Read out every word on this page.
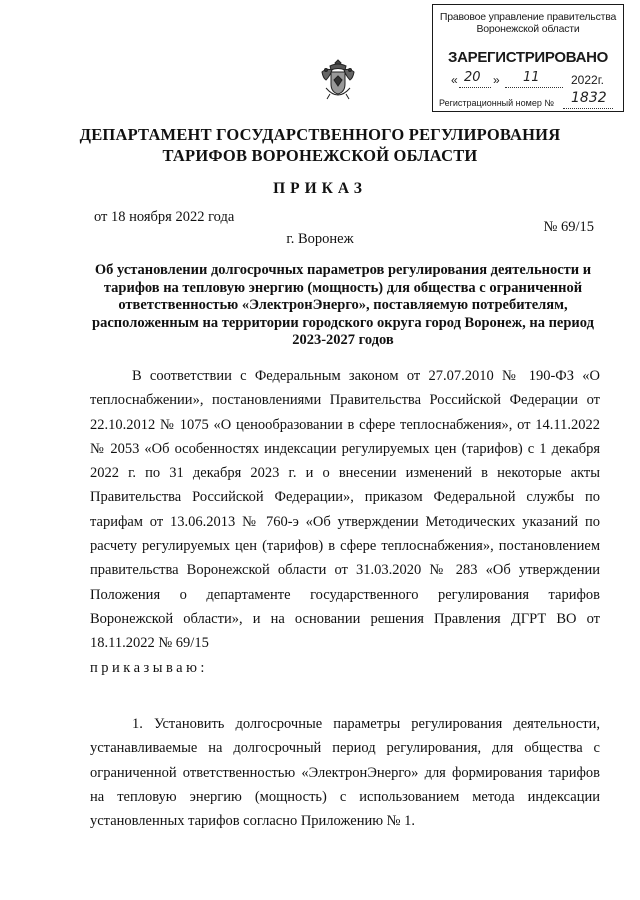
Правовое управление правительства
Воронежской области
ЗАРЕГИСТРИРОВАНО
« 20 » 11	2022г.
Регистрационный номер № 1832
ДЕПАРТАМЕНТ ГОСУДАРСТВЕННОГО РЕГУЛИРОВАНИЯ
ТАРИФОВ ВОРОНЕЖСКОЙ ОБЛАСТИ
ПРИКАЗ
от 18 ноября 2022 года
№ 69/15
г. Воронеж
Об установлении долгосрочных параметров регулирования деятельности и тарифов на тепловую энергию (мощность) для общества с ограниченной ответственностью «ЭлектронЭнерго», поставляемую потребителям, расположенным на территории городского округа город Воронеж, на период 2023-2027 годов
В соответствии с Федеральным законом от 27.07.2010 № 190-ФЗ «О теплоснабжении», постановлениями Правительства Российской Федерации от 22.10.2012 № 1075 «О ценообразовании в сфере теплоснабжения», от 14.11.2022 № 2053 «Об особенностях индексации регулируемых цен (тарифов) с 1 декабря 2022 г. по 31 декабря 2023 г. и о внесении изменений в некоторые акты Правительства Российской Федерации», приказом Федеральной службы по тарифам от 13.06.2013 № 760-э «Об утверждении Методических указаний по расчету регулируемых цен (тарифов) в сфере теплоснабжения», постановлением правительства Воронежской области от 31.03.2020 № 283 «Об утверждении Положения о департаменте государственного регулирования тарифов Воронежской области», и на основании решения Правления ДГРТ ВО от 18.11.2022 № 69/15
приказываю:
1. Установить долгосрочные параметры регулирования деятельности, устанавливаемые на долгосрочный период регулирования, для общества с ограниченной ответственностью «ЭлектронЭнерго» для формирования тарифов на тепловую энергию (мощность) с использованием метода индексации установленных тарифов согласно Приложению № 1.
